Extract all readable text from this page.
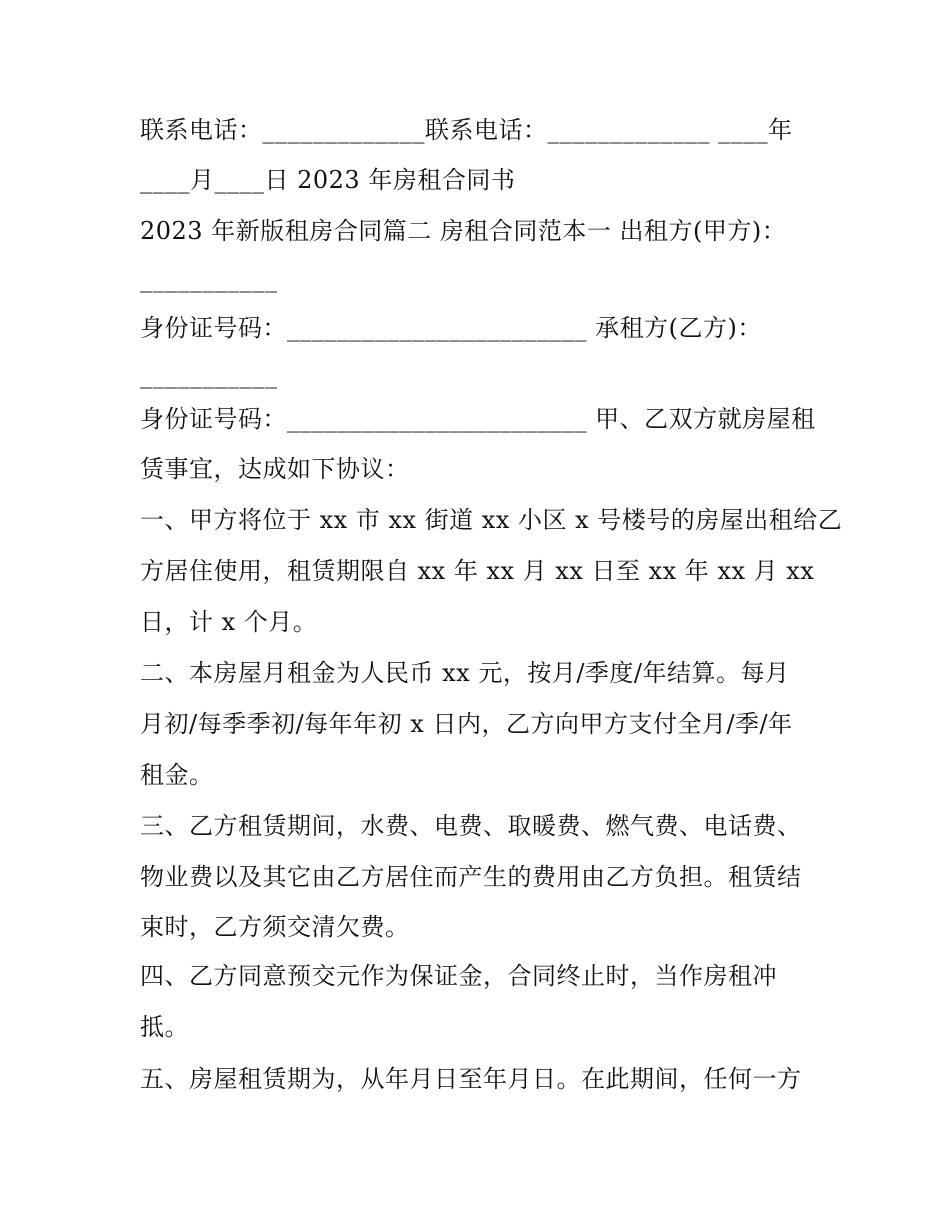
联系电话：_____________联系电话：_____________ ____年
____月____日 2023 年房租合同书
2023 年新版租房合同篇二 房租合同范本一 出租方(甲方)：
___________
身份证号码：________________________ 承租方(乙方)：
___________
身份证号码：________________________ 甲、乙双方就房屋租
赁事宜，达成如下协议：
一、甲方将位于 xx 市 xx 街道 xx 小区 x 号楼号的房屋出租给乙
方居住使用，租赁期限自 xx 年 xx 月 xx 日至 xx 年 xx 月 xx
日，计 x 个月。
二、本房屋月租金为人民币 xx 元，按月/季度/年结算。每月
月初/每季季初/每年年初 x 日内，乙方向甲方支付全月/季/年
租金。
三、乙方租赁期间，水费、电费、取暖费、燃气费、电话费、
物业费以及其它由乙方居住而产生的费用由乙方负担。租赁结
束时，乙方须交清欠费。
四、乙方同意预交元作为保证金，合同终止时，当作房租冲
抵。
五、房屋租赁期为，从年月日至年月日。在此期间，任何一方
